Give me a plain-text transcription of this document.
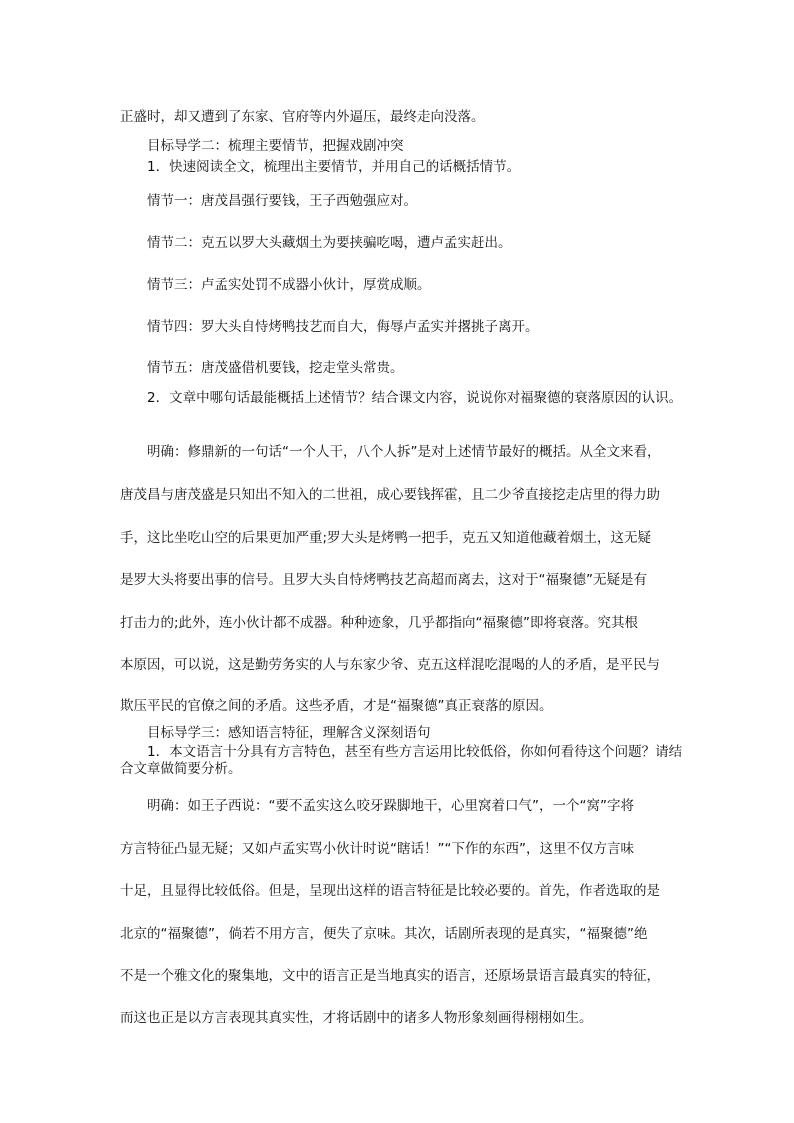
正盛时，却又遭到了东家、官府等内外逼压，最终走向没落。
目标导学二：梳理主要情节，把握戏剧冲突
1．快速阅读全文，梳理出主要情节，并用自己的话概括情节。
情节一：唐茂昌强行要钱，王子西勉强应对。
情节二：克五以罗大头藏烟土为要挟骗吃喝，遭卢孟实赶出。
情节三：卢孟实处罚不成器小伙计，厚赏成顺。
情节四：罗大头自恃烤鸭技艺而自大，侮辱卢孟实并撂挑子离开。
情节五：唐茂盛借机要钱，挖走堂头常贵。
2．文章中哪句话最能概括上述情节？结合课文内容，说说你对福聚德的衰落原因的认识。
明确：修鼎新的一句话“一个人干，八个人拆”是对上述情节最好的概括。从全文来看，
唐茂昌与唐茂盛是只知出不知入的二世祖，成心要钱挥霍，且二少爷直接挖走店里的得力助
手，这比坐吃山空的后果更加严重;罗大头是烤鸭一把手，克五又知道他藏着烟土，这无疑
是罗大头将要出事的信号。且罗大头自恃烤鸭技艺高超而离去，这对于“福聚德”无疑是有
打击力的;此外，连小伙计都不成器。种种迹象，几乎都指向“福聚德”即将衰落。究其根
本原因，可以说，这是勤劳务实的人与东家少爷、克五这样混吃混喝的人的矛盾，是平民与
欺压平民的官僚之间的矛盾。这些矛盾，才是“福聚德”真正衰落的原因。
目标导学三：感知语言特征，理解含义深刻语句
1．本文语言十分具有方言特色，甚至有些方言运用比较低俗，你如何看待这个问题？请结合文章做简要分析。
明确：如王子西说：“要不孟实这么咬牙跺脚地干，心里窝着口气”，一个“窝”字将
方言特征凸显无疑；又如卢孟实骂小伙计时说“瞎话！”“下作的东西”，这里不仅方言味
十足，且显得比较低俗。但是，呈现出这样的语言特征是比较必要的。首先，作者选取的是
北京的“福聚德”，倘若不用方言，便失了京味。其次，话剧所表现的是真实，“福聚德”绝
不是一个雅文化的聚集地，文中的语言正是当地真实的语言，还原场景语言最真实的特征，
而这也正是以方言表现其真实性，才将话剧中的诸多人物形象刻画得栩栩如生。
